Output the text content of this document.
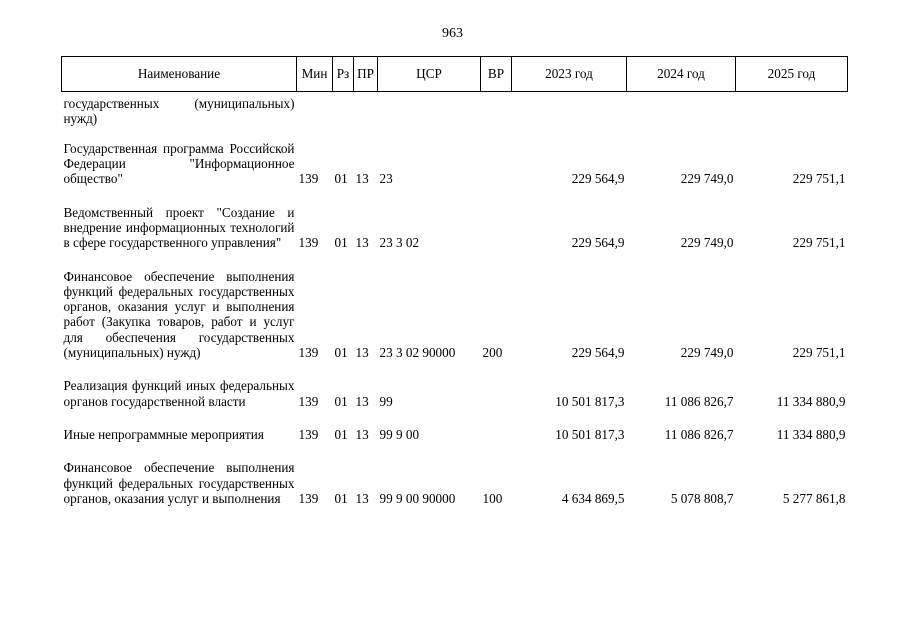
963
Наименование	Мин	Рз	ПР	ЦСР	ВР	2023 год	2024 год	2025 год
государственных (муниципальных) нужд)								
Государственная программа Российской Федерации "Информационное общество"	139	01	13	23		229 564,9	229 749,0	229 751,1
Ведомственный проект "Создание и внедрение информационных технологий в сфере государственного управления"	139	01	13	23 3 02		229 564,9	229 749,0	229 751,1
Финансовое обеспечение выполнения функций федеральных государственных органов, оказания услуг и выполнения работ (Закупка товаров, работ и услуг для обеспечения государственных (муниципальных) нужд)	139	01	13	23 3 02 90000	200	229 564,9	229 749,0	229 751,1
Реализация функций иных федеральных органов государственной власти	139	01	13	99		10 501 817,3	11 086 826,7	11 334 880,9
Иные непрограммные мероприятия	139	01	13	99 9 00		10 501 817,3	11 086 826,7	11 334 880,9
Финансовое обеспечение выполнения функций федеральных государственных органов, оказания услуг и выполнения	139	01	13	99 9 00 90000	100	4 634 869,5	5 078 808,7	5 277 861,8
